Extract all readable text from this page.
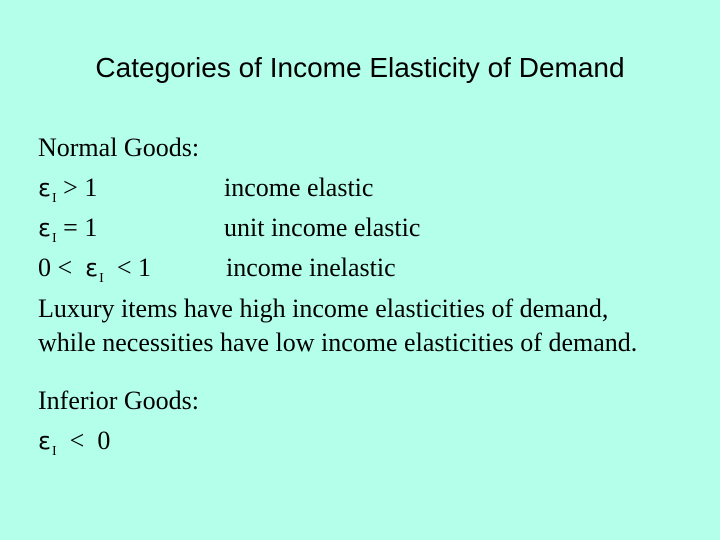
Categories of Income Elasticity of Demand
Normal Goods:
$\varepsilon_I > 1$	income elastic
$\varepsilon_I = 1$	unit income elastic
$0 < \varepsilon_I < 1$	income inelastic
Luxury items have high income elasticities of demand,
while necessities have low income elasticities of demand.
Inferior Goods:
$\varepsilon_I < 0$
